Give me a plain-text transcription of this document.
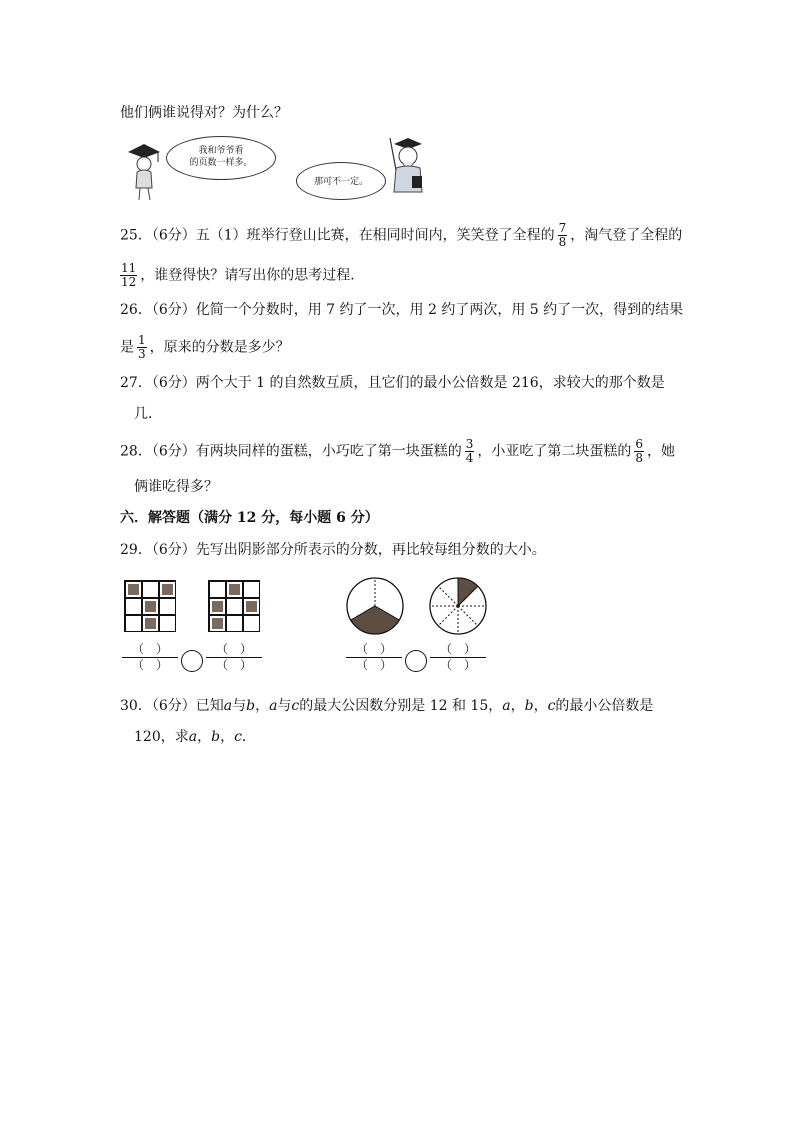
他们俩谁说得对？为什么？
我和爷爷看
的页数一样多。
那可不一定。
25．（6分）五（1）班举行登山比赛，在相同时间内，笑笑登了全程的 $\frac{7}{8}$ ，淘气登了全程的
$\frac{11}{12}$ ，谁登得快？请写出你的思考过程．
26．（6分）化简一个分数时，用 7 约了一次，用 2 约了两次，用 5 约了一次，得到的结果
是 $\frac{1}{3}$ ，原来的分数是多少？
27．（6分）两个大于 1 的自然数互质，且它们的最小公倍数是 216，求较大的那个数是
几．
28．（6分）有两块同样的蛋糕，小巧吃了第一块蛋糕的 $\frac{3}{4}$ ，小亚吃了第二块蛋糕的 $\frac{6}{8}$ ，她
俩谁吃得多？
六．解答题（满分 12 分，每小题 6 分）
29．（6分）先写出阴影部分所表示的分数，再比较每组分数的大小。
（　）
（　）
（　）
（　）
（　）
（　）
（　）
（　）
30．（6分）已知a与b，a与c的最大公因数分别是 12 和 15，a，b，c的最小公倍数是
120，求a，b，c．
